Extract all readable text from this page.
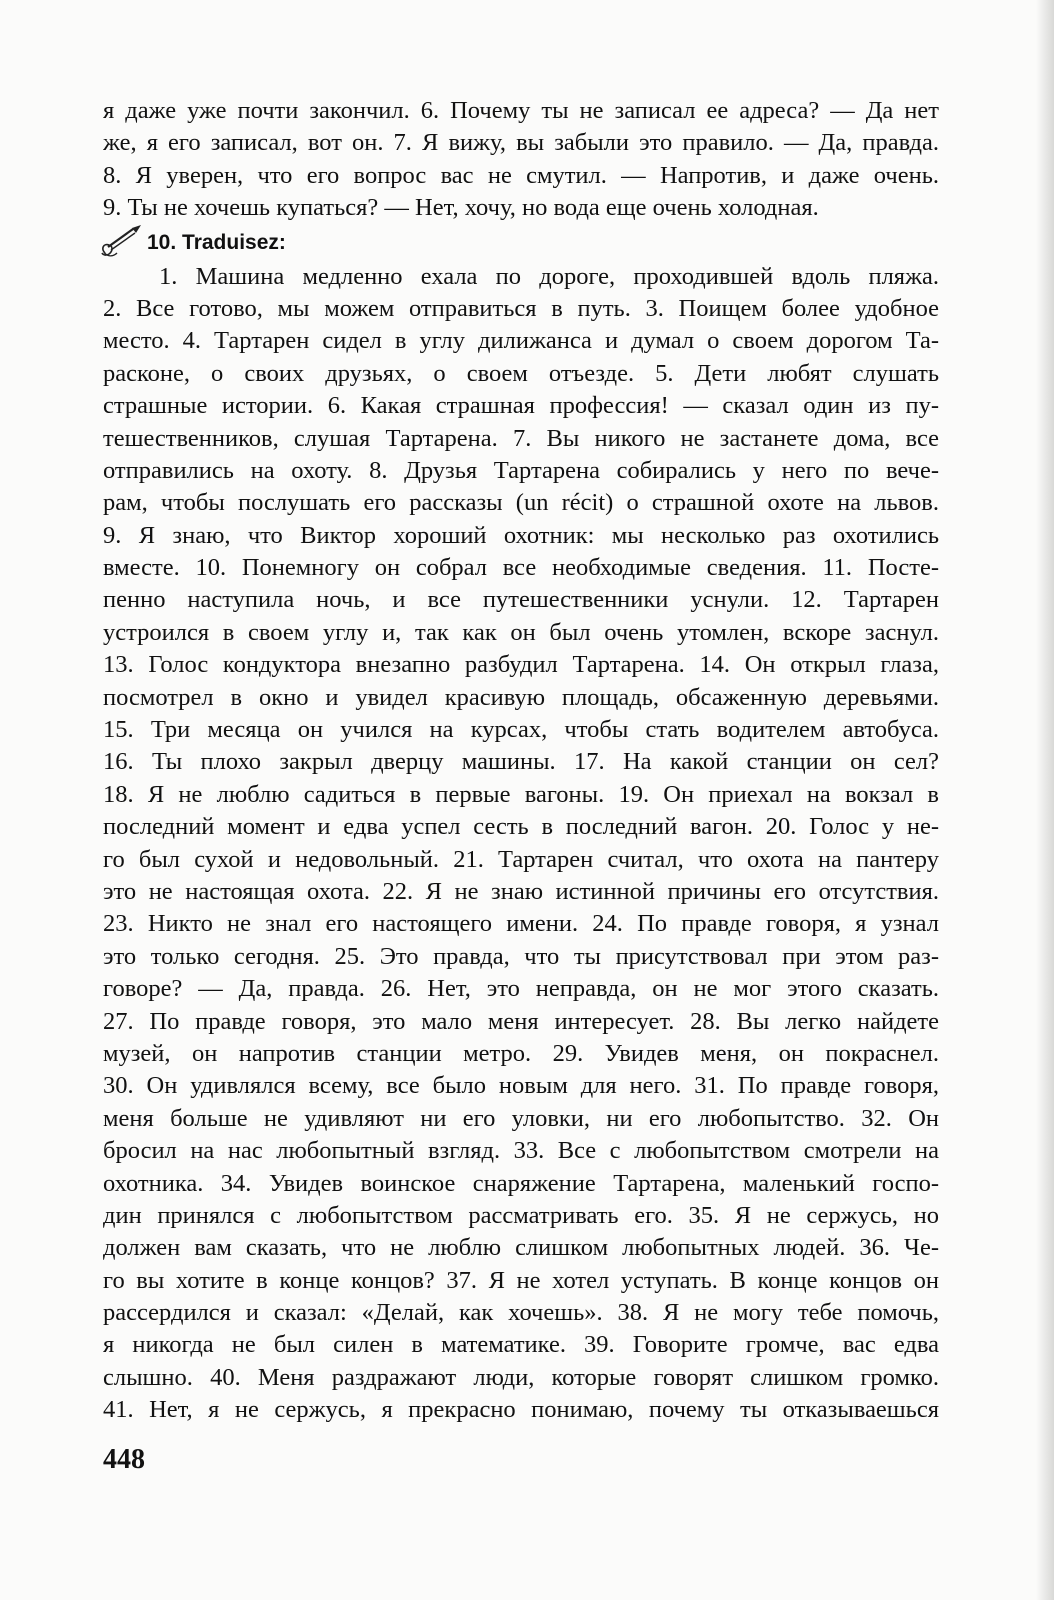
я даже уже почти закончил. 6. Почему ты не записал ее адреса? — Да нет
же, я его записал, вот он. 7. Я вижу, вы забыли это правило. — Да, правда.
8. Я уверен, что его вопрос вас не смутил. — Напротив, и даже очень.
9. Ты не хочешь купаться? — Нет, хочу, но вода еще очень холодная.
10. Traduisez:
1. Машина медленно ехала по дороге, проходившей вдоль пляжа.
2. Все готово, мы можем отправиться в путь. 3. Поищем более удобное
место. 4. Тартарен сидел в углу дилижанса и думал о своем дорогом Та-
расконе, о своих друзьях, о своем отъезде. 5. Дети любят слушать
страшные истории. 6. Какая страшная профессия! — сказал один из пу-
тешественников, слушая Тартарена. 7. Вы никого не застанете дома, все
отправились на охоту. 8. Друзья Тартарена собирались у него по вече-
рам, чтобы послушать его рассказы (un récit) о страшной охоте на львов.
9. Я знаю, что Виктор хороший охотник: мы несколько раз охотились
вместе. 10. Понемногу он собрал все необходимые сведения. 11. Посте-
пенно наступила ночь, и все путешественники уснули. 12. Тартарен
устроился в своем углу и, так как он был очень утомлен, вскоре заснул.
13. Голос кондуктора внезапно разбудил Тартарена. 14. Он открыл глаза,
посмотрел в окно и увидел красивую площадь, обсаженную деревьями.
15. Три месяца он учился на курсах, чтобы стать водителем автобуса.
16. Ты плохо закрыл дверцу машины. 17. На какой станции он сел?
18. Я не люблю садиться в первые вагоны. 19. Он приехал на вокзал в
последний момент и едва успел сесть в последний вагон. 20. Голос у не-
го был сухой и недовольный. 21. Тартарен считал, что охота на пантеру
это не настоящая охота. 22. Я не знаю истинной причины его отсутствия.
23. Никто не знал его настоящего имени. 24. По правде говоря, я узнал
это только сегодня. 25. Это правда, что ты присутствовал при этом раз-
говоре? — Да, правда. 26. Нет, это неправда, он не мог этого сказать.
27. По правде говоря, это мало меня интересует. 28. Вы легко найдете
музей, он напротив станции метро. 29. Увидев меня, он покраснел.
30. Он удивлялся всему, все было новым для него. 31. По правде говоря,
меня больше не удивляют ни его уловки, ни его любопытство. 32. Он
бросил на нас любопытный взгляд. 33. Все с любопытством смотрели на
охотника. 34. Увидев воинское снаряжение Тартарена, маленький госпо-
дин принялся с любопытством рассматривать его. 35. Я не сержусь, но
должен вам сказать, что не люблю слишком любопытных людей. 36. Че-
го вы хотите в конце концов? 37. Я не хотел уступать. В конце концов он
рассердился и сказал: «Делай, как хочешь». 38. Я не могу тебе помочь,
я никогда не был силен в математике. 39. Говорите громче, вас едва
слышно. 40. Меня раздражают люди, которые говорят слишком громко.
41. Нет, я не сержусь, я прекрасно понимаю, почему ты отказываешься
448
